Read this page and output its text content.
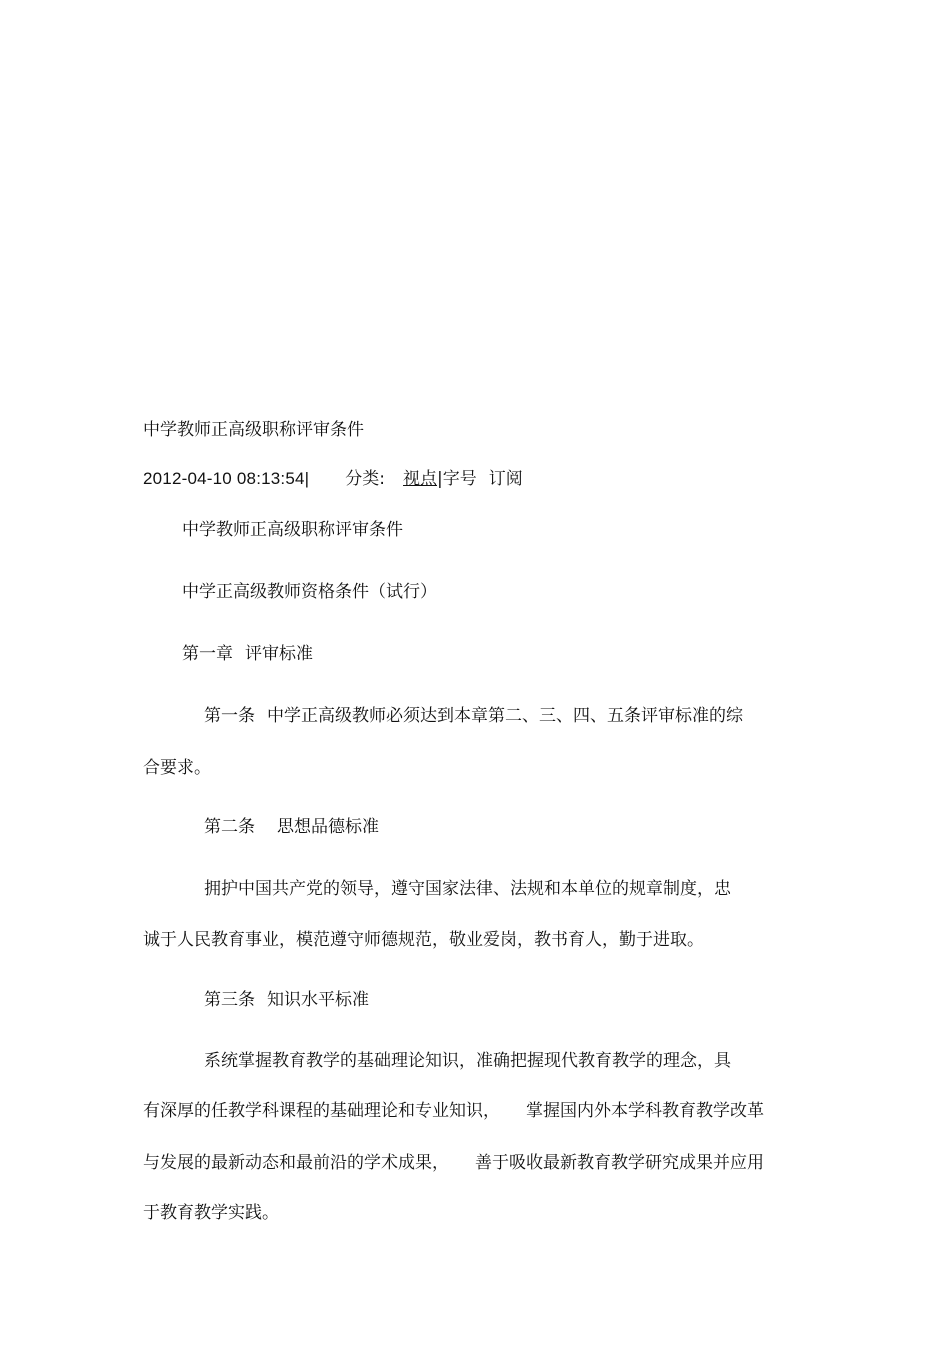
中学教师正高级职称评审条件
2012-04-10 08:13:54| 分类: 视点|字号 订阅

中学教师正高级职称评审条件

中学正高级教师资格条件（试行）

第一章 评审标准

第一条 中学正高级教师必须达到本章第二、三、四、五条评审标准的综

合要求。

第二条 思想品德标准

拥护中国共产党的领导，遵守国家法律、法规和本单位的规章制度，忠

诚于人民教育事业，模范遵守师德规范，敬业爱岗，教书育人，勤于进取。

第三条 知识水平标准

系统掌握教育教学的基础理论知识，准确把握现代教育教学的理念，具

有深厚的任教学科课程的基础理论和专业知识， 掌握国内外本学科教育教学改革

与发展的最新动态和最前沿的学术成果， 善于吸收最新教育教学研究成果并应用

于教育教学实践。
